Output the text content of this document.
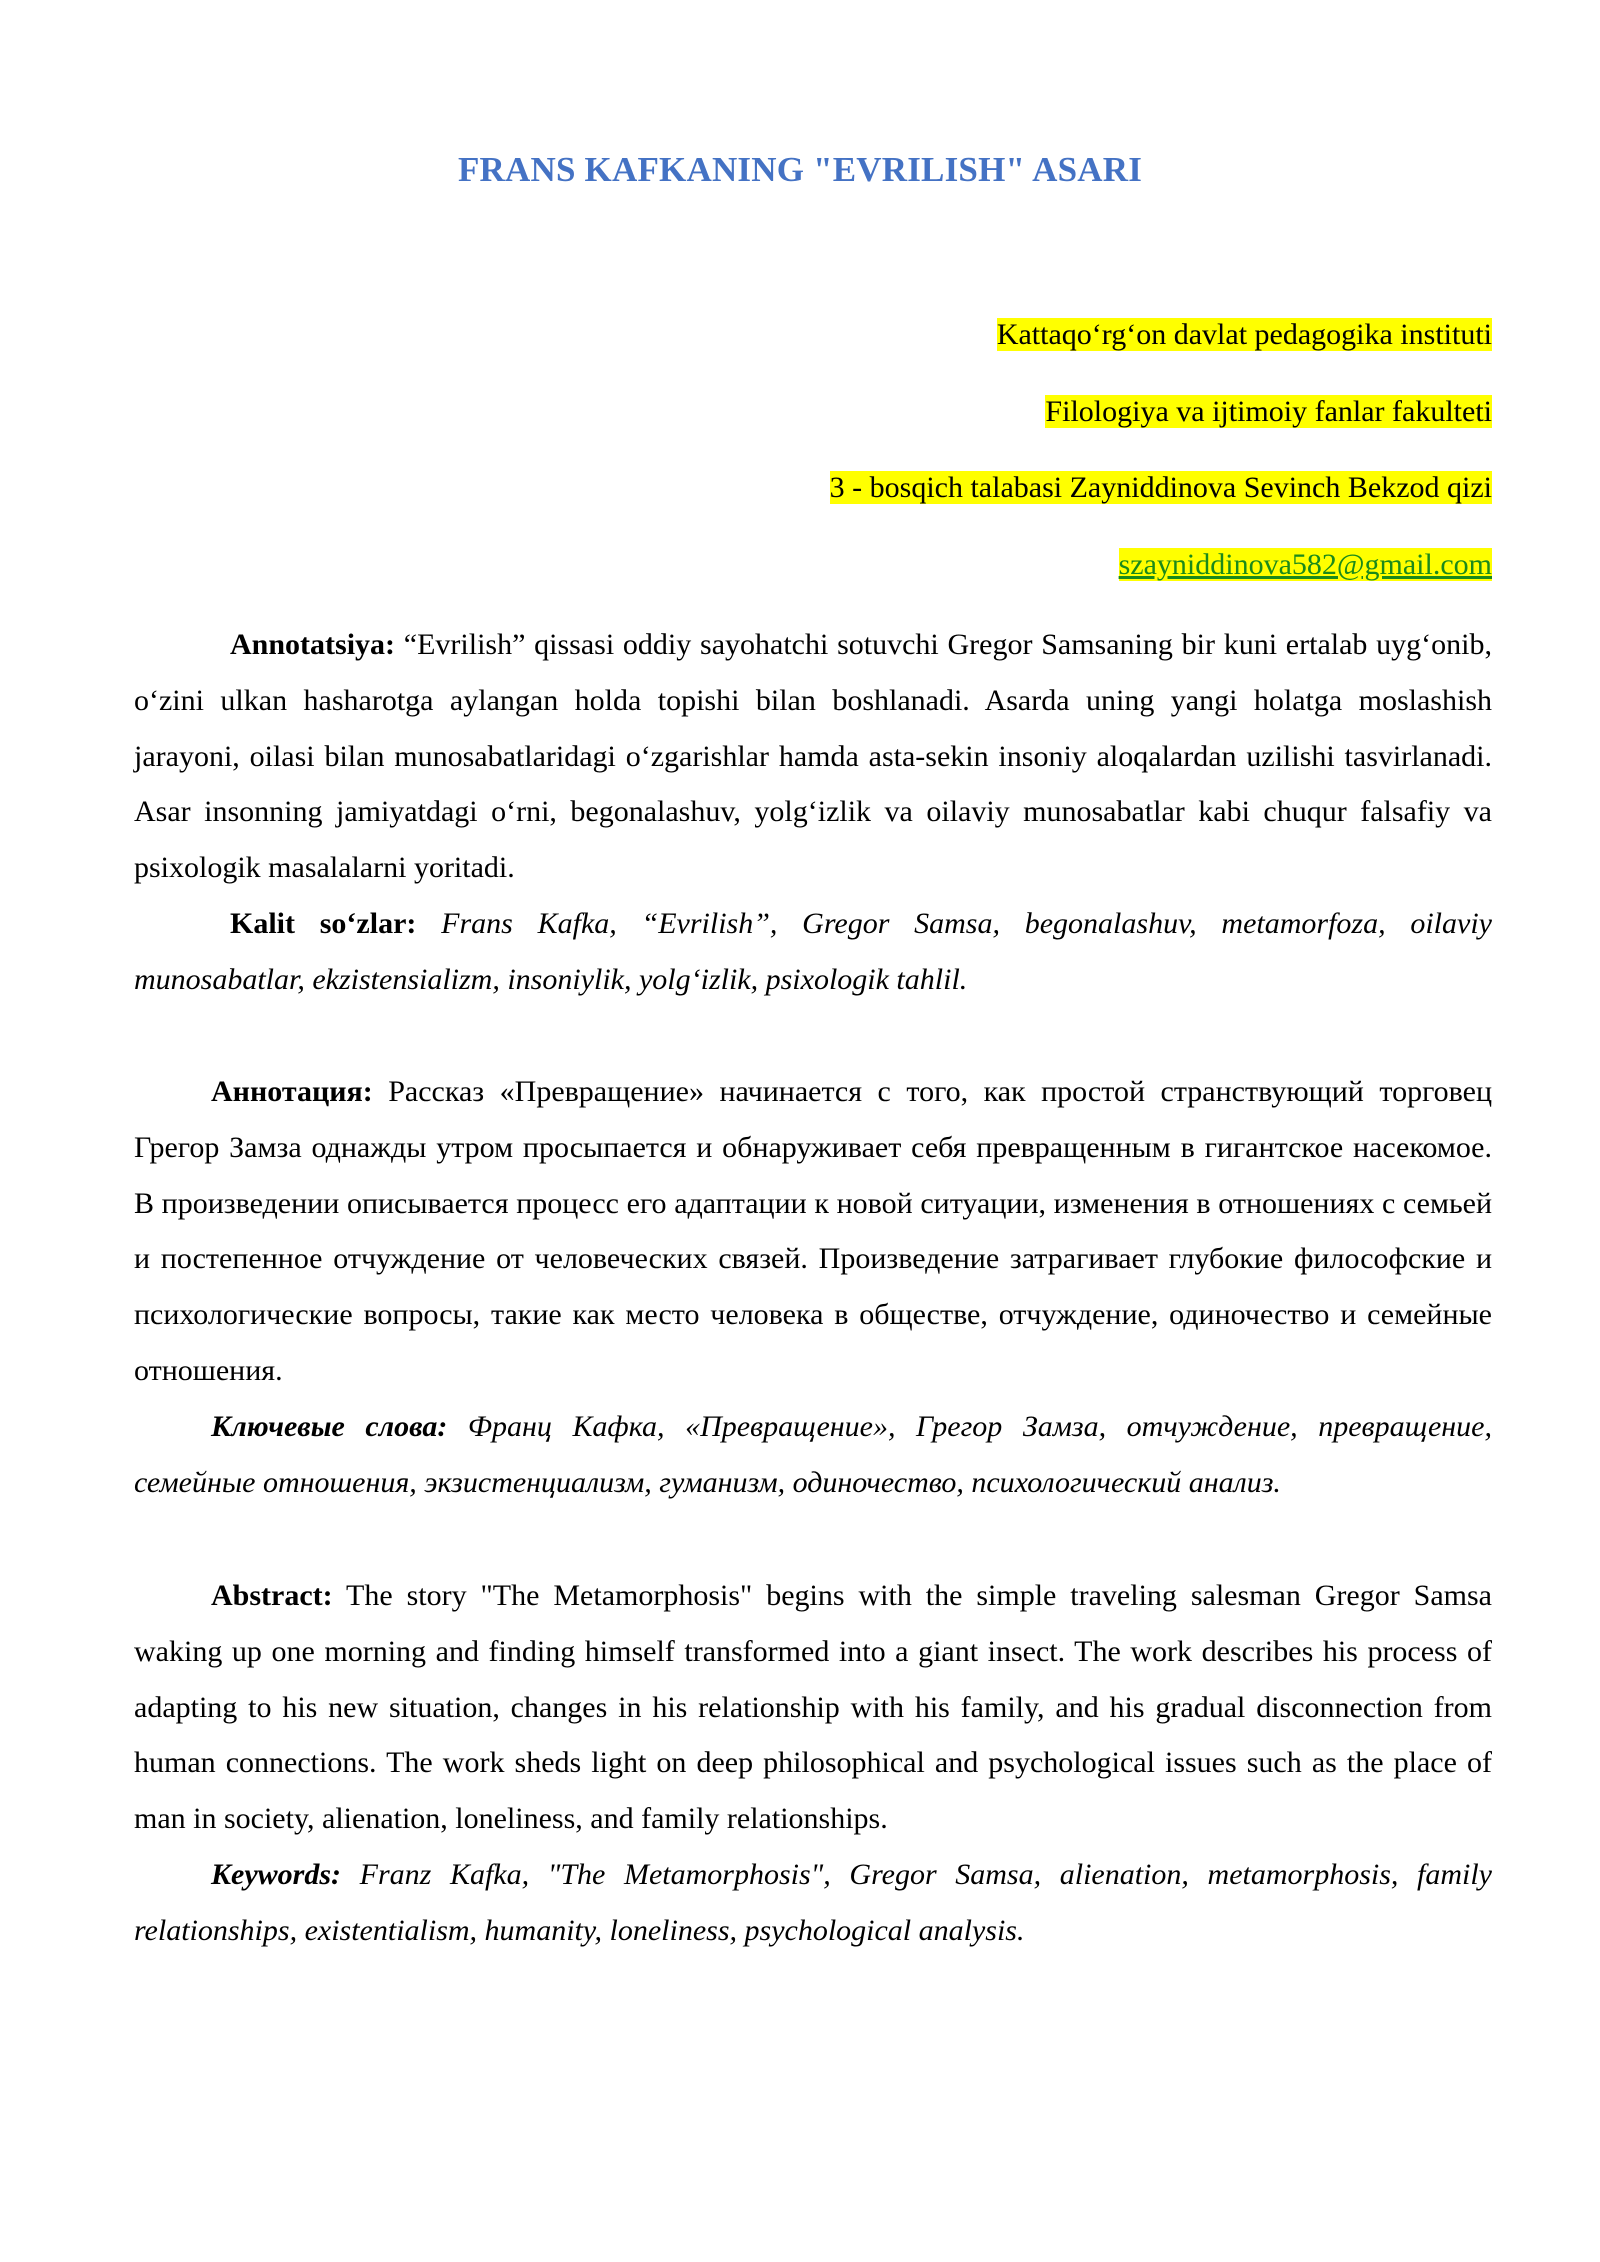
FRANS KAFKANING "EVRILISH" ASARI
Kattaqo‘rg‘on davlat pedagogika instituti
Filologiya va ijtimoiy fanlar fakulteti
3 - bosqich talabasi Zayniddinova Sevinch Bekzod qizi
szayniddinova582@gmail.com

Annotatsiya: “Evrilish” qissasi oddiy sayohatchi sotuvchi Gregor Samsaning bir kuni ertalab uyg‘onib, o‘zini ulkan hasharotga aylangan holda topishi bilan boshlanadi. Asarda uning yangi holatga moslashish jarayoni, oilasi bilan munosabatlaridagi o‘zgarishlar hamda asta-sekin insoniy aloqalardan uzilishi tasvirlanadi. Asar insonning jamiyatdagi o‘rni, begonalashuv, yolg‘izlik va oilaviy munosabatlar kabi chuqur falsafiy va psixologik masalalarni yoritadi.

Kalit so‘zlar: Frans Kafka, “Evrilish”, Gregor Samsa, begonalashuv, metamorfoza, oilaviy munosabatlar, ekzistensializm, insoniylik, yolg‘izlik, psixologik tahlil.

Аннотация: Рассказ «Превращение» начинается с того, как простой странствующий торговец Грегор Замза однажды утром просыпается и обнаруживает себя превращенным в гигантское насекомое. В произведении описывается процесс его адаптации к новой ситуации, изменения в отношениях с семьей и постепенное отчуждение от человеческих связей. Произведение затрагивает глубокие философские и психологические вопросы, такие как место человека в обществе, отчуждение, одиночество и семейные отношения.

Ключевые слова: Франц Кафка, «Превращение», Грегор Замза, отчуждение, превращение, семейные отношения, экзистенциализм, гуманизм, одиночество, психологический анализ.

Abstract: The story "The Metamorphosis" begins with the simple traveling salesman Gregor Samsa waking up one morning and finding himself transformed into a giant insect. The work describes his process of adapting to his new situation, changes in his relationship with his family, and his gradual disconnection from human connections. The work sheds light on deep philosophical and psychological issues such as the place of man in society, alienation, loneliness, and family relationships.

Keywords: Franz Kafka, "The Metamorphosis", Gregor Samsa, alienation, metamorphosis, family relationships, existentialism, humanity, loneliness, psychological analysis.
